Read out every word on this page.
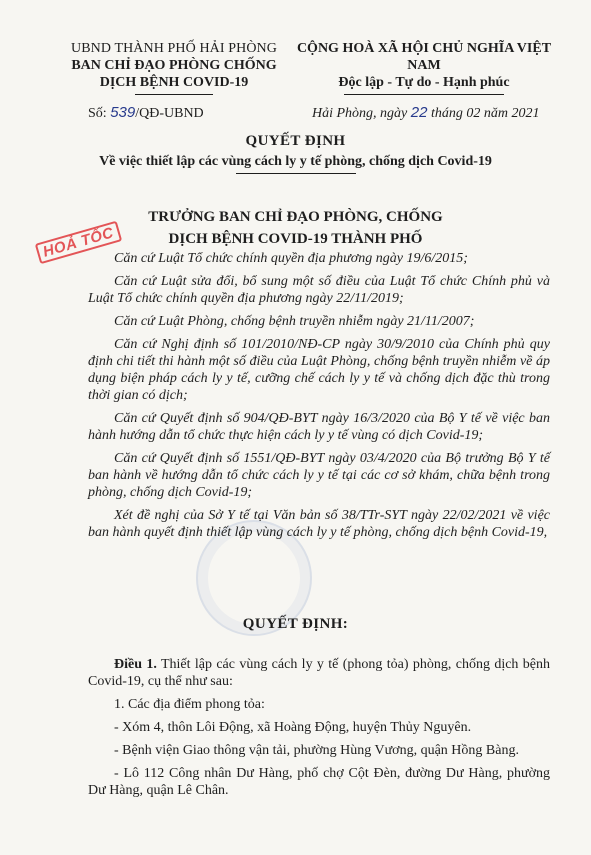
UBND THÀNH PHỐ HẢI PHÒNG
BAN CHỈ ĐẠO PHÒNG CHỐNG
DỊCH BỆNH COVID-19
CỘNG HOÀ XÃ HỘI CHỦ NGHĨA VIỆT NAM
Độc lập - Tự do - Hạnh phúc
Số: 539/QĐ-UBND	Hải Phòng, ngày 22 tháng 02 năm 2021
QUYẾT ĐỊNH
Về việc thiết lập các vùng cách ly y tế phòng, chống dịch Covid-19
TRƯỞNG BAN CHỈ ĐẠO PHÒNG, CHỐNG
DỊCH BỆNH COVID-19 THÀNH PHỐ
HOẢ TỐC

Căn cứ Luật Tổ chức chính quyền địa phương ngày 19/6/2015;

Căn cứ Luật sửa đổi, bổ sung một số điều của Luật Tổ chức Chính phủ và Luật Tổ chức chính quyền địa phương ngày 22/11/2019;

Căn cứ Luật Phòng, chống bệnh truyền nhiễm ngày 21/11/2007;

Căn cứ Nghị định số 101/2010/NĐ-CP ngày 30/9/2010 của Chính phủ quy định chi tiết thi hành một số điều của Luật Phòng, chống bệnh truyền nhiễm về áp dụng biện pháp cách ly y tế, cưỡng chế cách ly y tế và chống dịch đặc thù trong thời gian có dịch;

Căn cứ Quyết định số 904/QĐ-BYT ngày 16/3/2020 của Bộ Y tế về việc ban hành hướng dẫn tổ chức thực hiện cách ly y tế vùng có dịch Covid-19;

Căn cứ Quyết định số 1551/QĐ-BYT ngày 03/4/2020 của Bộ trưởng Bộ Y tế ban hành về hướng dẫn tổ chức cách ly y tế tại các cơ sở khám, chữa bệnh trong phòng, chống dịch Covid-19;

Xét đề nghị của Sở Y tế tại Văn bản số 38/TTr-SYT ngày 22/02/2021 về việc ban hành quyết định thiết lập vùng cách ly y tế phòng, chống dịch bệnh Covid-19,

QUYẾT ĐỊNH:

Điều 1. Thiết lập các vùng cách ly y tế (phong tỏa) phòng, chống dịch bệnh Covid-19, cụ thể như sau:

1. Các địa điểm phong tỏa:

- Xóm 4, thôn Lôi Động, xã Hoàng Động, huyện Thủy Nguyên.

- Bệnh viện Giao thông vận tải, phường Hùng Vương, quận Hồng Bàng.

- Lô 112 Công nhân Dư Hàng, phố chợ Cột Đèn, đường Dư Hàng, phường Dư Hàng, quận Lê Chân.
